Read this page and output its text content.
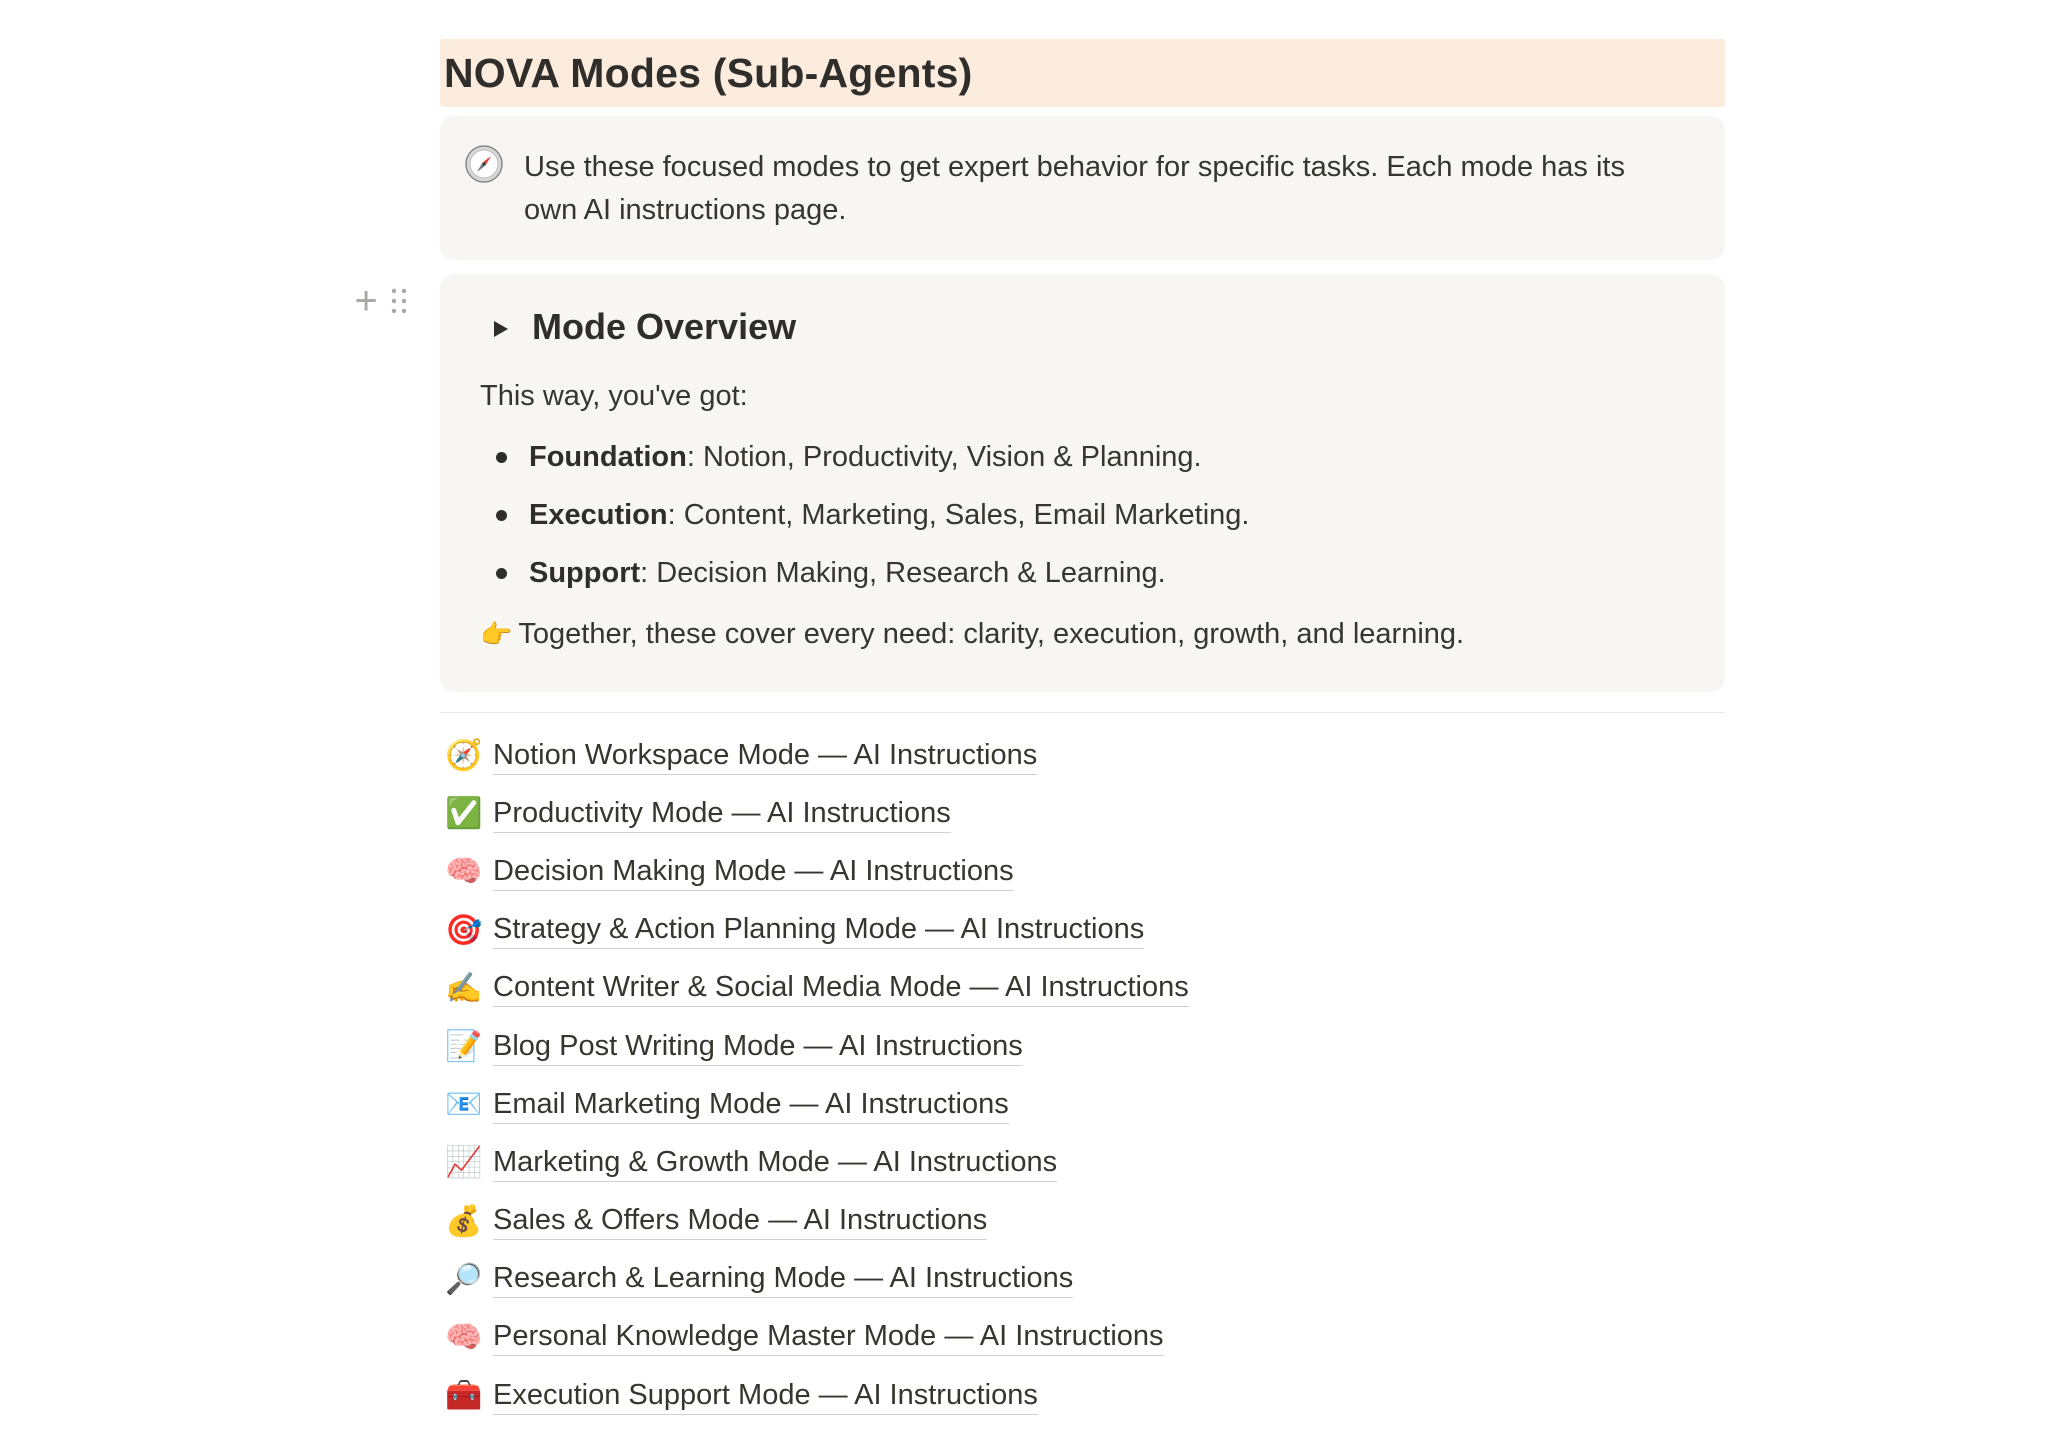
NOVA Modes (Sub-Agents)
Use these focused modes to get expert behavior for specific tasks. Each mode has its own AI instructions page.
+
Mode Overview
This way, you've got:
Foundation: Notion, Productivity, Vision & Planning.
Execution: Content, Marketing, Sales, Email Marketing.
Support: Decision Making, Research & Learning.
👉 Together, these cover every need: clarity, execution, growth, and learning.
🧭 Notion Workspace Mode — AI Instructions
✅ Productivity Mode — AI Instructions
🧠 Decision Making Mode — AI Instructions
🎯 Strategy & Action Planning Mode — AI Instructions
✍️ Content Writer & Social Media Mode — AI Instructions
📝 Blog Post Writing Mode — AI Instructions
📧 Email Marketing Mode — AI Instructions
📈 Marketing & Growth Mode — AI Instructions
💰 Sales & Offers Mode — AI Instructions
🔎 Research & Learning Mode — AI Instructions
🧠 Personal Knowledge Master Mode — AI Instructions
🧰 Execution Support Mode — AI Instructions
